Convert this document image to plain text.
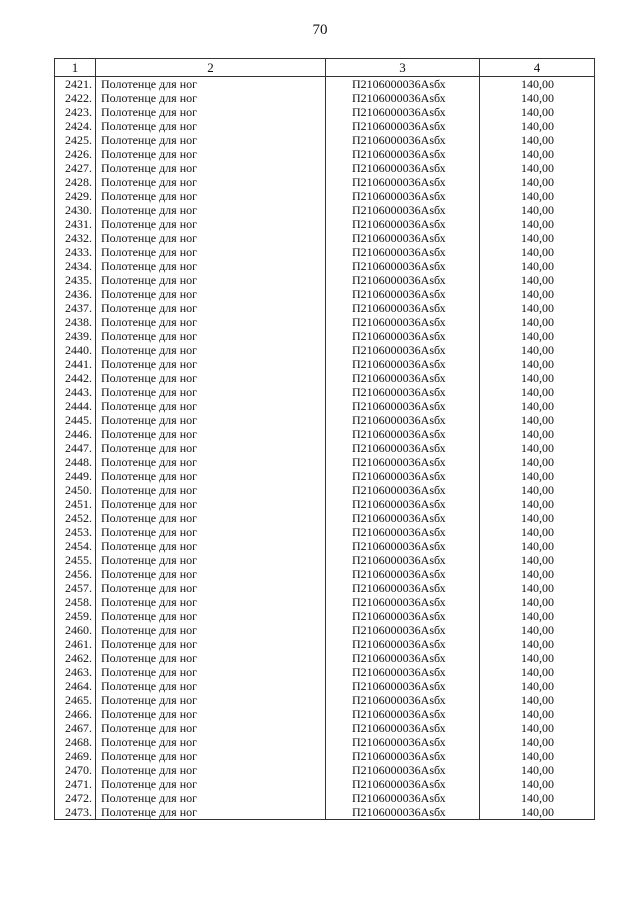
70
1	2	3	4
2421.	Полотенце для ног	П2106000036Аsбх	140,00
2422.	Полотенце для ног	П2106000036Аsбх	140,00
2423.	Полотенце для ног	П2106000036Аsбх	140,00
2424.	Полотенце для ног	П2106000036Аsбх	140,00
2425.	Полотенце для ног	П2106000036Аsбх	140,00
2426.	Полотенце для ног	П2106000036Аsбх	140,00
2427.	Полотенце для ног	П2106000036Аsбх	140,00
2428.	Полотенце для ног	П2106000036Аsбх	140,00
2429.	Полотенце для ног	П2106000036Аsбх	140,00
2430.	Полотенце для ног	П2106000036Аsбх	140,00
2431.	Полотенце для ног	П2106000036Аsбх	140,00
2432.	Полотенце для ног	П2106000036Аsбх	140,00
2433.	Полотенце для ног	П2106000036Аsбх	140,00
2434.	Полотенце для ног	П2106000036Аsбх	140,00
2435.	Полотенце для ног	П2106000036Аsбх	140,00
2436.	Полотенце для ног	П2106000036Аsбх	140,00
2437.	Полотенце для ног	П2106000036Аsбх	140,00
2438.	Полотенце для ног	П2106000036Аsбх	140,00
2439.	Полотенце для ног	П2106000036Аsбх	140,00
2440.	Полотенце для ног	П2106000036Аsбх	140,00
2441.	Полотенце для ног	П2106000036Аsбх	140,00
2442.	Полотенце для ног	П2106000036Аsбх	140,00
2443.	Полотенце для ног	П2106000036Аsбх	140,00
2444.	Полотенце для ног	П2106000036Аsбх	140,00
2445.	Полотенце для ног	П2106000036Аsбх	140,00
2446.	Полотенце для ног	П2106000036Аsбх	140,00
2447.	Полотенце для ног	П2106000036Аsбх	140,00
2448.	Полотенце для ног	П2106000036Аsбх	140,00
2449.	Полотенце для ног	П2106000036Аsбх	140,00
2450.	Полотенце для ног	П2106000036Аsбх	140,00
2451.	Полотенце для ног	П2106000036Аsбх	140,00
2452.	Полотенце для ног	П2106000036Аsбх	140,00
2453.	Полотенце для ног	П2106000036Аsбх	140,00
2454.	Полотенце для ног	П2106000036Аsбх	140,00
2455.	Полотенце для ног	П2106000036Аsбх	140,00
2456.	Полотенце для ног	П2106000036Аsбх	140,00
2457.	Полотенце для ног	П2106000036Аsбх	140,00
2458.	Полотенце для ног	П2106000036Аsбх	140,00
2459.	Полотенце для ног	П2106000036Аsбх	140,00
2460.	Полотенце для ног	П2106000036Аsбх	140,00
2461.	Полотенце для ног	П2106000036Аsбх	140,00
2462.	Полотенце для ног	П2106000036Аsбх	140,00
2463.	Полотенце для ног	П2106000036Аsбх	140,00
2464.	Полотенце для ног	П2106000036Аsбх	140,00
2465.	Полотенце для ног	П2106000036Аsбх	140,00
2466.	Полотенце для ног	П2106000036Аsбх	140,00
2467.	Полотенце для ног	П2106000036Аsбх	140,00
2468.	Полотенце для ног	П2106000036Аsбх	140,00
2469.	Полотенце для ног	П2106000036Аsбх	140,00
2470.	Полотенце для ног	П2106000036Аsбх	140,00
2471.	Полотенце для ног	П2106000036Аsбх	140,00
2472.	Полотенце для ног	П2106000036Аsбх	140,00
2473.	Полотенце для ног	П2106000036Аsбх	140,00
